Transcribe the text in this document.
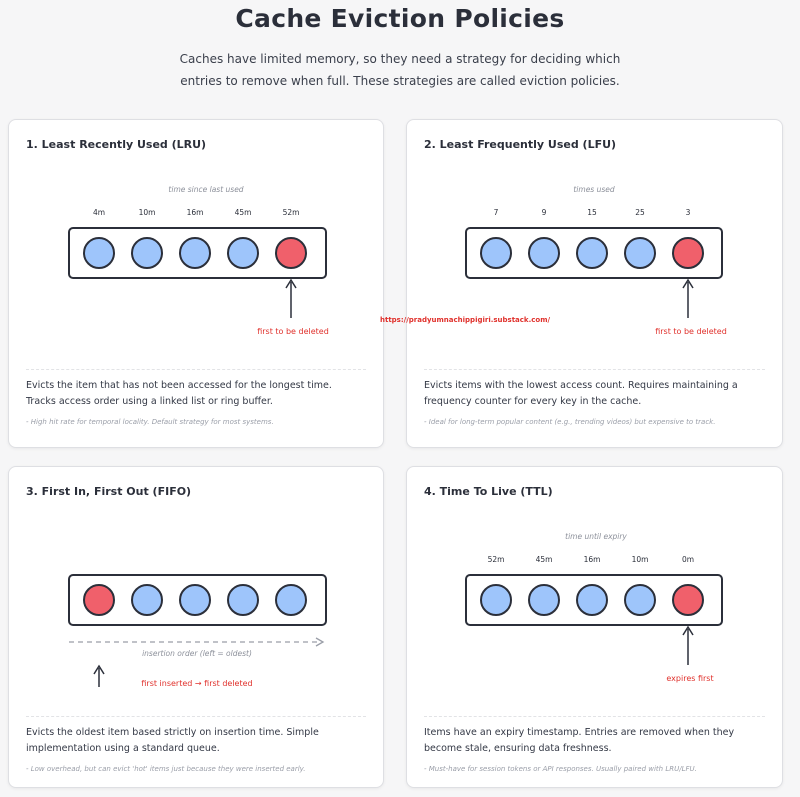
Cache Eviction Policies
Caches have limited memory, so they need a strategy for deciding which entries to remove when full. These strategies are called eviction policies.
1. Least Recently Used (LRU)
time since last used
4m	10m	16m	45m	52m
first to be deleted
Evicts the item that has not been accessed for the longest time. Tracks access order using a linked list or ring buffer.
- High hit rate for temporal locality. Default strategy for most systems.
2. Least Frequently Used (LFU)
times used
7	9	15	25	3
first to be deleted
Evicts items with the lowest access count. Requires maintaining a frequency counter for every key in the cache.
- Ideal for long-term popular content (e.g., trending videos) but expensive to track.
3. First In, First Out (FIFO)
insertion order (left = oldest)
first inserted → first deleted
Evicts the oldest item based strictly on insertion time. Simple implementation using a standard queue.
- Low overhead, but can evict 'hot' items just because they were inserted early.
4. Time To Live (TTL)
time until expiry
52m	45m	16m	10m	0m
expires first
Items have an expiry timestamp. Entries are removed when they become stale, ensuring data freshness.
- Must-have for session tokens or API responses. Usually paired with LRU/LFU.
https://pradyumnachippigiri.substack.com/
